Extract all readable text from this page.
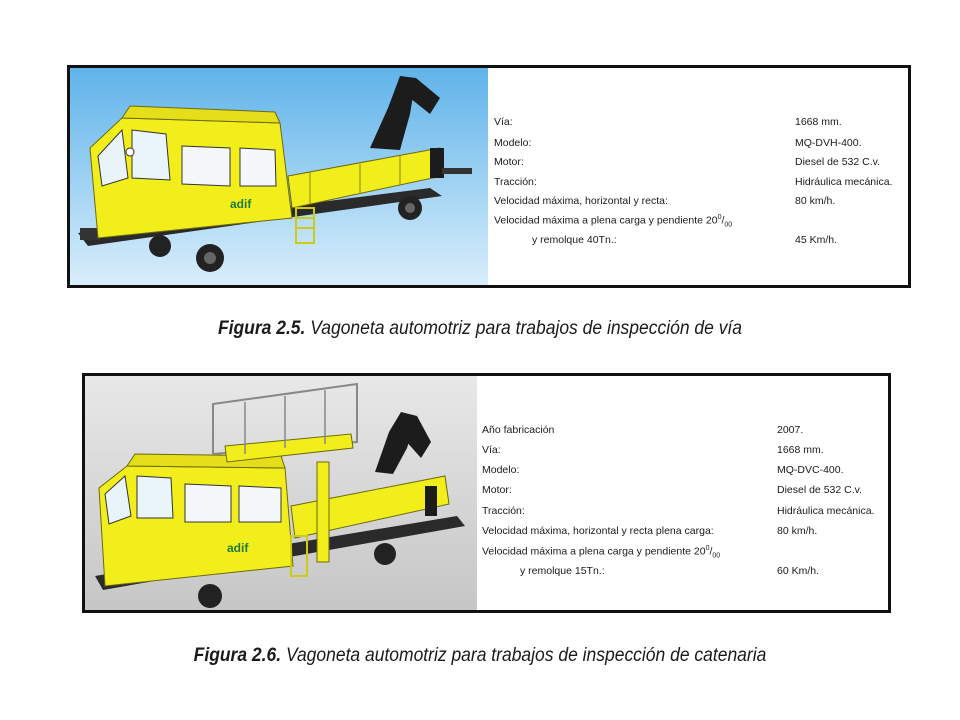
adif
Vía:	1668 mm.
Modelo:	MQ-DVH-400.
Motor:	Diesel de 532 C.v.
Tracción:	Hidráulica mecánica.
Velocidad máxima, horizontal y recta:	80 km/h.
Velocidad máxima a plena carga y pendiente $20^0/_{00}$
y remolque 40Tn.:	45 Km/h.
Figura 2.5. Vagoneta automotriz para trabajos de inspección de vía
adif
Año fabricación	2007.
Vía:	1668 mm.
Modelo:	MQ-DVC-400.
Motor:	Diesel de 532 C.v.
Tracción:	Hidráulica mecánica.
Velocidad máxima, horizontal y recta plena carga:	80 km/h.
Velocidad máxima a plena carga y pendiente $20^0/_{00}$
y remolque 15Tn.:	60 Km/h.
Figura 2.6. Vagoneta automotriz para trabajos de inspección de catenaria
